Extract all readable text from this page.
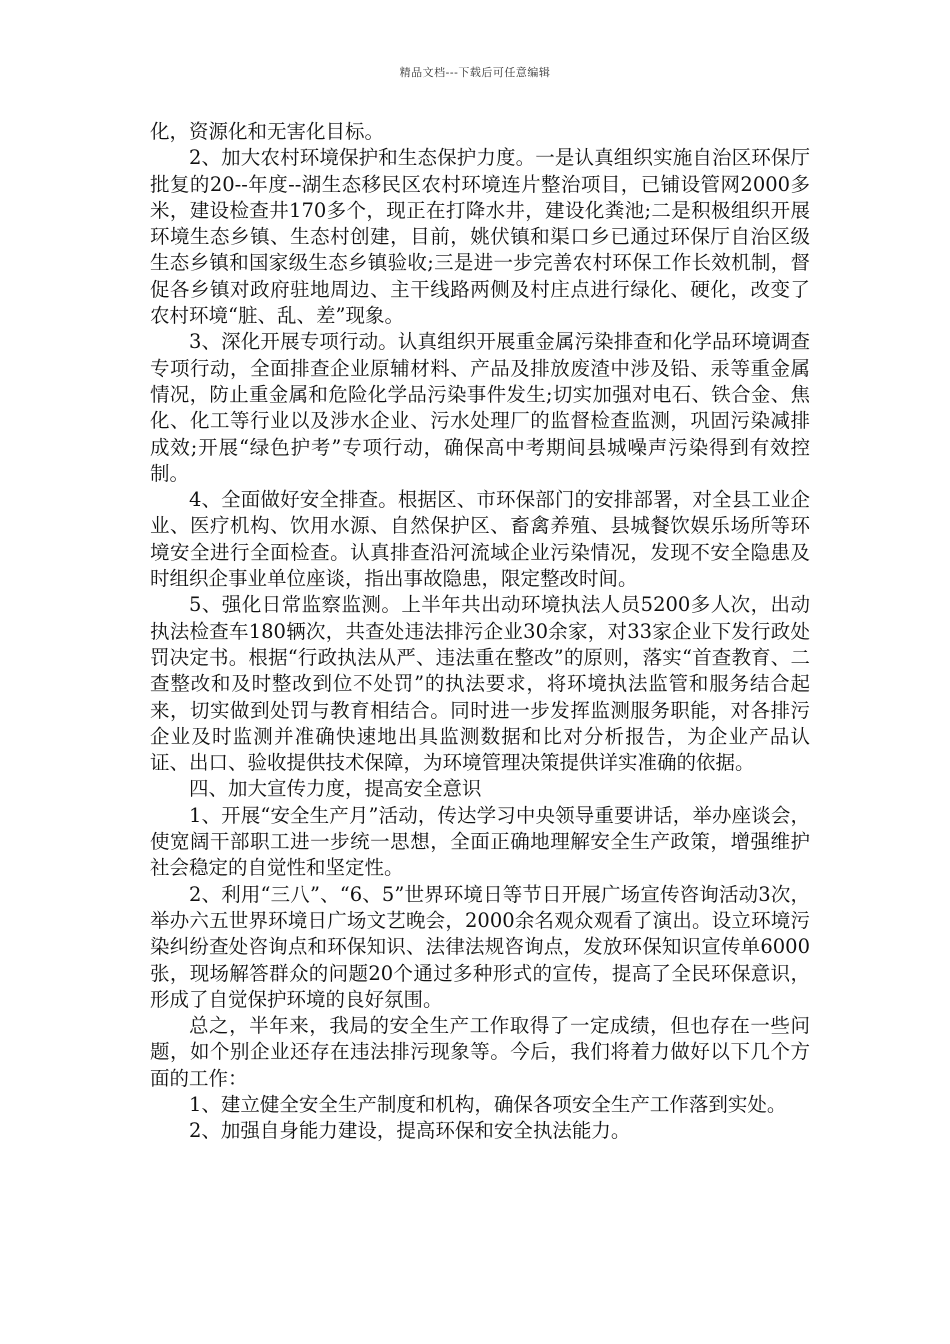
精品文档---下载后可任意编辑

化，资源化和无害化目标。

2、加大农村环境保护和生态保护力度。一是认真组织实施自治区环保厅批复的20--年度--湖生态移民区农村环境连片整治项目，已铺设管网2000多米，建设检查井170多个，现正在打降水井，建设化粪池;二是积极组织开展环境生态乡镇、生态村创建，目前，姚伏镇和渠口乡已通过环保厅自治区级生态乡镇和国家级生态乡镇验收;三是进一步完善农村环保工作长效机制，督促各乡镇对政府驻地周边、主干线路两侧及村庄点进行绿化、硬化，改变了农村环境“脏、乱、差”现象。

3、深化开展专项行动。认真组织开展重金属污染排查和化学品环境调查专项行动，全面排查企业原辅材料、产品及排放废渣中涉及铅、汞等重金属情况，防止重金属和危险化学品污染事件发生;切实加强对电石、铁合金、焦化、化工等行业以及涉水企业、污水处理厂的监督检查监测，巩固污染减排成效;开展“绿色护考”专项行动，确保高中考期间县城噪声污染得到有效控制。

4、全面做好安全排查。根据区、市环保部门的安排部署，对全县工业企业、医疗机构、饮用水源、自然保护区、畜禽养殖、县城餐饮娱乐场所等环境安全进行全面检查。认真排查沿河流域企业污染情况，发现不安全隐患及时组织企事业单位座谈，指出事故隐患，限定整改时间。

5、强化日常监察监测。上半年共出动环境执法人员5200多人次，出动执法检查车180辆次，共查处违法排污企业30余家，对33家企业下发行政处罚决定书。根据“行政执法从严、违法重在整改”的原则，落实“首查教育、二查整改和及时整改到位不处罚”的执法要求，将环境执法监管和服务结合起来，切实做到处罚与教育相结合。同时进一步发挥监测服务职能，对各排污企业及时监测并准确快速地出具监测数据和比对分析报告，为企业产品认证、出口、验收提供技术保障，为环境管理决策提供详实准确的依据。

四、加大宣传力度，提高安全意识

1、开展“安全生产月”活动，传达学习中央领导重要讲话，举办座谈会，使宽阔干部职工进一步统一思想，全面正确地理解安全生产政策，增强维护社会稳定的自觉性和坚定性。

2、利用“三八”、“6、5”世界环境日等节日开展广场宣传咨询活动3次，举办六五世界环境日广场文艺晚会，2000余名观众观看了演出。设立环境污染纠纷查处咨询点和环保知识、法律法规咨询点，发放环保知识宣传单6000张，现场解答群众的问题20个通过多种形式的宣传，提高了全民环保意识，形成了自觉保护环境的良好氛围。

总之，半年来，我局的安全生产工作取得了一定成绩，但也存在一些问题，如个别企业还存在违法排污现象等。今后，我们将着力做好以下几个方面的工作：

1、建立健全安全生产制度和机构，确保各项安全生产工作落到实处。

2、加强自身能力建设，提高环保和安全执法能力。
